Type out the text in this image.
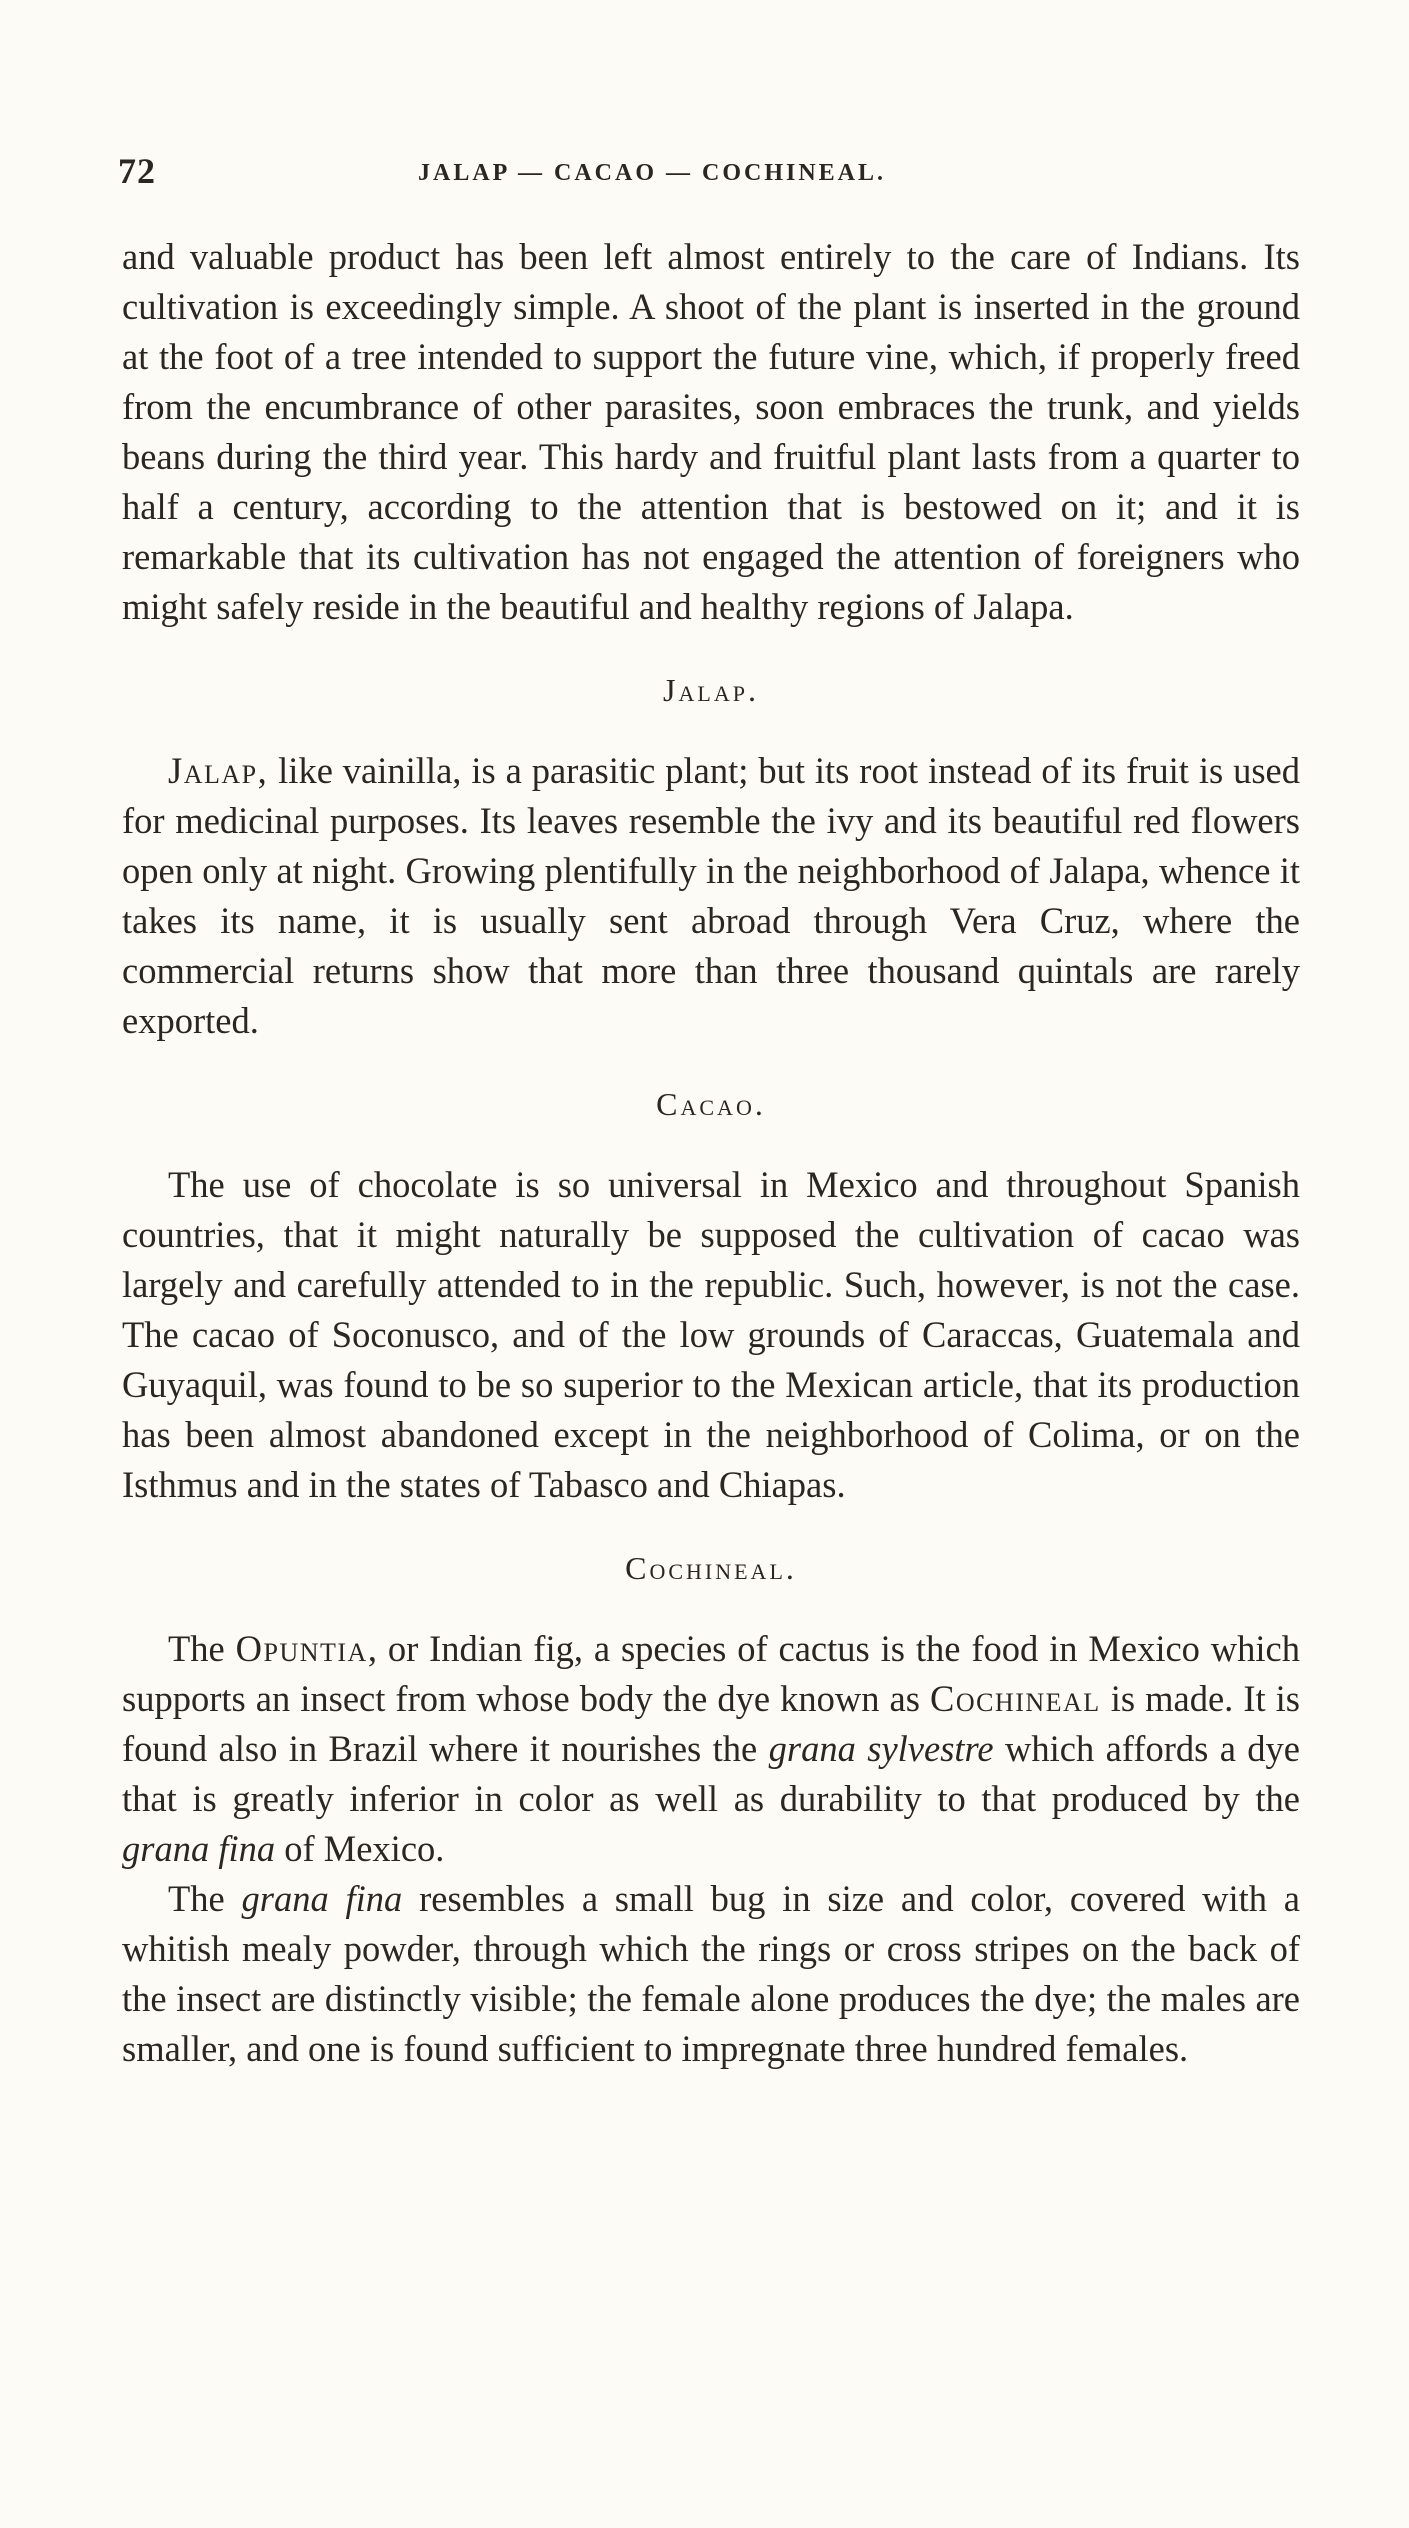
72	JALAP — CACAO — COCHINEAL.

and valuable product has been left almost entirely to the care of Indians. Its cultivation is exceedingly simple. A shoot of the plant is inserted in the ground at the foot of a tree intended to support the future vine, which, if properly freed from the encumbrance of other parasites, soon embraces the trunk, and yields beans during the third year. This hardy and fruitful plant lasts from a quarter to half a century, according to the attention that is bestowed on it; and it is remarkable that its cultivation has not engaged the attention of foreigners who might safely reside in the beautiful and healthy regions of Jalapa.

Jalap.

Jalap, like vainilla, is a parasitic plant; but its root instead of its fruit is used for medicinal purposes. Its leaves resemble the ivy and its beautiful red flowers open only at night. Growing plentifully in the neighborhood of Jalapa, whence it takes its name, it is usually sent abroad through Vera Cruz, where the commercial returns show that more than three thousand quintals are rarely exported.

Cacao.

The use of chocolate is so universal in Mexico and throughout Spanish countries, that it might naturally be supposed the cultivation of cacao was largely and carefully attended to in the republic. Such, however, is not the case. The cacao of Soconusco, and of the low grounds of Caraccas, Guatemala and Guyaquil, was found to be so superior to the Mexican article, that its production has been almost abandoned except in the neighborhood of Colima, or on the Isthmus and in the states of Tabasco and Chiapas.

Cochineal.

The Opuntia, or Indian fig, a species of cactus is the food in Mexico which supports an insect from whose body the dye known as Cochineal is made. It is found also in Brazil where it nourishes the grana sylvestre which affords a dye that is greatly inferior in color as well as durability to that produced by the grana fina of Mexico.

The grana fina resembles a small bug in size and color, covered with a whitish mealy powder, through which the rings or cross stripes on the back of the insect are distinctly visible; the female alone produces the dye; the males are smaller, and one is found sufficient to impregnate three hundred females.
